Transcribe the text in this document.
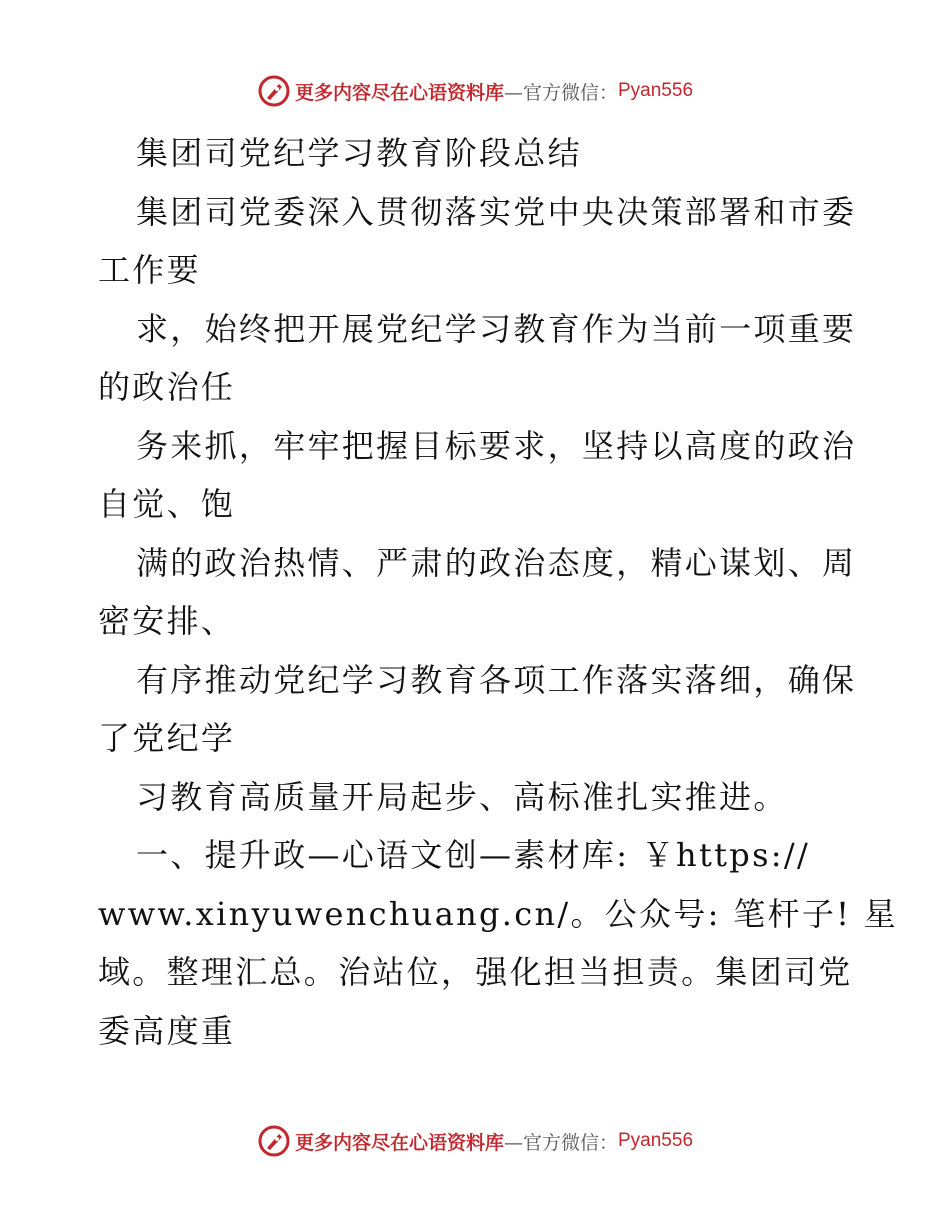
更多内容尽在心语资料库 —官方微信： Pyan556
集团司党纪学习教育阶段总结
集团司党委深入贯彻落实党中央决策部署和市委
工作要
求，始终把开展党纪学习教育作为当前一项重要
的政治任
务来抓，牢牢把握目标要求，坚持以高度的政治
自觉、饱
满的政治热情、严肃的政治态度，精心谋划、周
密安排、
有序推动党纪学习教育各项工作落实落细，确保
了党纪学
习教育高质量开局起步、高标准扎实推进。
一、提升政—心语文创—素材库: ￥https://
www.xinyuwenchuang.cn/。公众号: 笔杆子! 星
域。整理汇总。治站位，强化担当担责。集团司党
委高度重
更多内容尽在心语资料库 —官方微信： Pyan556
